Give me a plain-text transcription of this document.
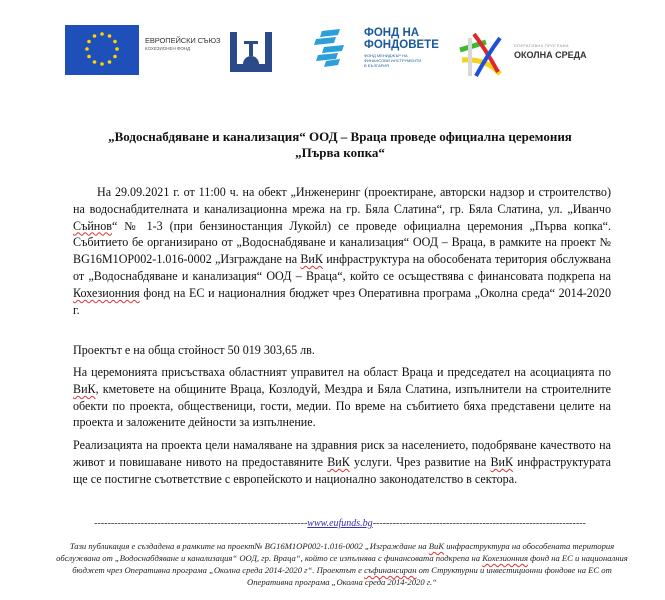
ЕВРОПЕЙСКИ СЪЮЗ
КОХЕЗИОНЕН ФОНД
ФОНД НА
ФОНДОВЕТЕ
ФОНД МЕНИДЖЪР НА
ФИНАНСОВИ ИНСТРУМЕНТИ
В БЪЛГАРИЯ
ОПЕРАТИВНА ПРОГРАМА
ОКОЛНА СРЕДА
„Водоснабдяване и канализация“ ООД – Враца проведе официална церемония
„Първа копка“
На 29.09.2021 г. от 11:00 ч. на обект „Инженеринг (проектиране, авторски надзор и строителство) на водоснабдителната и канализационна мрежа на гр. Бяла Слатина“, гр. Бяла Слатина, ул. „Иванчо Съйнов“ № 1-3 (при бензиностанция Лукойл) се проведе официална церемония „Първа копка“. Събитието бе организирано от „Водоснабдяване и канализация“ ООД – Враца, в рамките на проект № BG16M1OP002-1.016-0002 „Изграждане на ВиК инфраструктура на обособената територия обслужвана от „Водоснабдяване и канализация“ ООД – Враца“, който се осъществява с финансовата подкрепа на Кохезионния фонд на ЕС и националния бюджет чрез Оперативна програма „Околна среда“ 2014-2020 г.
Проектът е на обща стойност 50 019 303,65 лв.
На церемонията присъстваха областният управител на област Враца и председател на асоциацията по ВиК, кметовете на общините Враца, Козлодуй, Мездра и Бяла Слатина, изпълнители на строителните обекти по проекта, общественици, гости, медии. По време на събитието бяха представени целите на проекта и заложените дейности за изпълнение.
Реализацията на проекта цели намаляване на здравния риск за населението, подобряване качеството на живот и повишаване нивото на предоставяните ВиК услуги. Чрез развитие на ВиК инфраструктурата ще се постигне съответствие с европейското и национално законодателство в сектора.
----------------------------------------------------------------www.eufunds.bg----------------------------------------------------------------
Тази публикация е създадена в рамките на проект№ BG16M1OP002-1.016-0002 „Изграждане на ВиК инфраструктура на обособената територия обслужвана от „Водоснабдяване и канализация“ ООД, гр. Враца“, който се изпълнява с финансовата подкрепа на Кохезионния фонд на ЕС и националния бюджет чрез Оперативна програма „Околна среда 2014-2020 г“. Проектът е съфинансиран от Структурни и инвестиционни фондове на ЕС от Оперативна програма „Околна среда 2014-2020 г.“
